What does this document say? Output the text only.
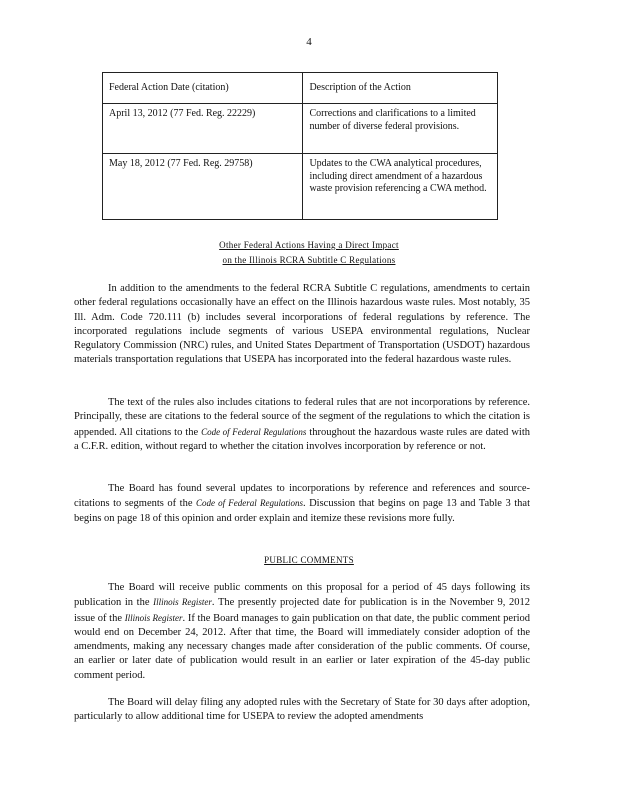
4
Federal Action Date (citation)	Description of the Action
April 13, 2012 (77 Fed. Reg. 22229)	Corrections and clarifications to a limited number of diverse federal provisions.
May 18, 2012 (77 Fed. Reg. 29758)	Updates to the CWA analytical procedures, including direct amendment of a hazardous waste provision referencing a CWA method.
Other Federal Actions Having a Direct Impact
on the Illinois RCRA Subtitle C Regulations

In addition to the amendments to the federal RCRA Subtitle C regulations, amendments to certain other federal regulations occasionally have an effect on the Illinois hazardous waste rules. Most notably, 35 Ill. Adm. Code 720.111 (b) includes several incorporations of federal regulations by reference. The incorporated regulations include segments of various USEPA environmental regulations, Nuclear Regulatory Commission (NRC) rules, and United States Department of Transportation (USDOT) hazardous materials transportation regulations that USEPA has incorporated into the federal hazardous waste rules.

The text of the rules also includes citations to federal rules that are not incorporations by reference. Principally, these are citations to the federal source of the segment of the regulations to which the citation is appended. All citations to the Code of Federal Regulations throughout the hazardous waste rules are dated with a C.F.R. edition, without regard to whether the citation involves incorporation by reference or not.

The Board has found several updates to incorporations by reference and references and source-citations to segments of the Code of Federal Regulations. Discussion that begins on page 13 and Table 3 that begins on page 18 of this opinion and order explain and itemize these revisions more fully.

PUBLIC COMMENTS

The Board will receive public comments on this proposal for a period of 45 days following its publication in the Illinois Register. The presently projected date for publication is in the November 9, 2012 issue of the Illinois Register. If the Board manages to gain publication on that date, the public comment period would end on December 24, 2012. After that time, the Board will immediately consider adoption of the amendments, making any necessary changes made after consideration of the public comments. Of course, an earlier or later date of publication would result in an earlier or later expiration of the 45-day public comment period.

The Board will delay filing any adopted rules with the Secretary of State for 30 days after adoption, particularly to allow additional time for USEPA to review the adopted amendments
